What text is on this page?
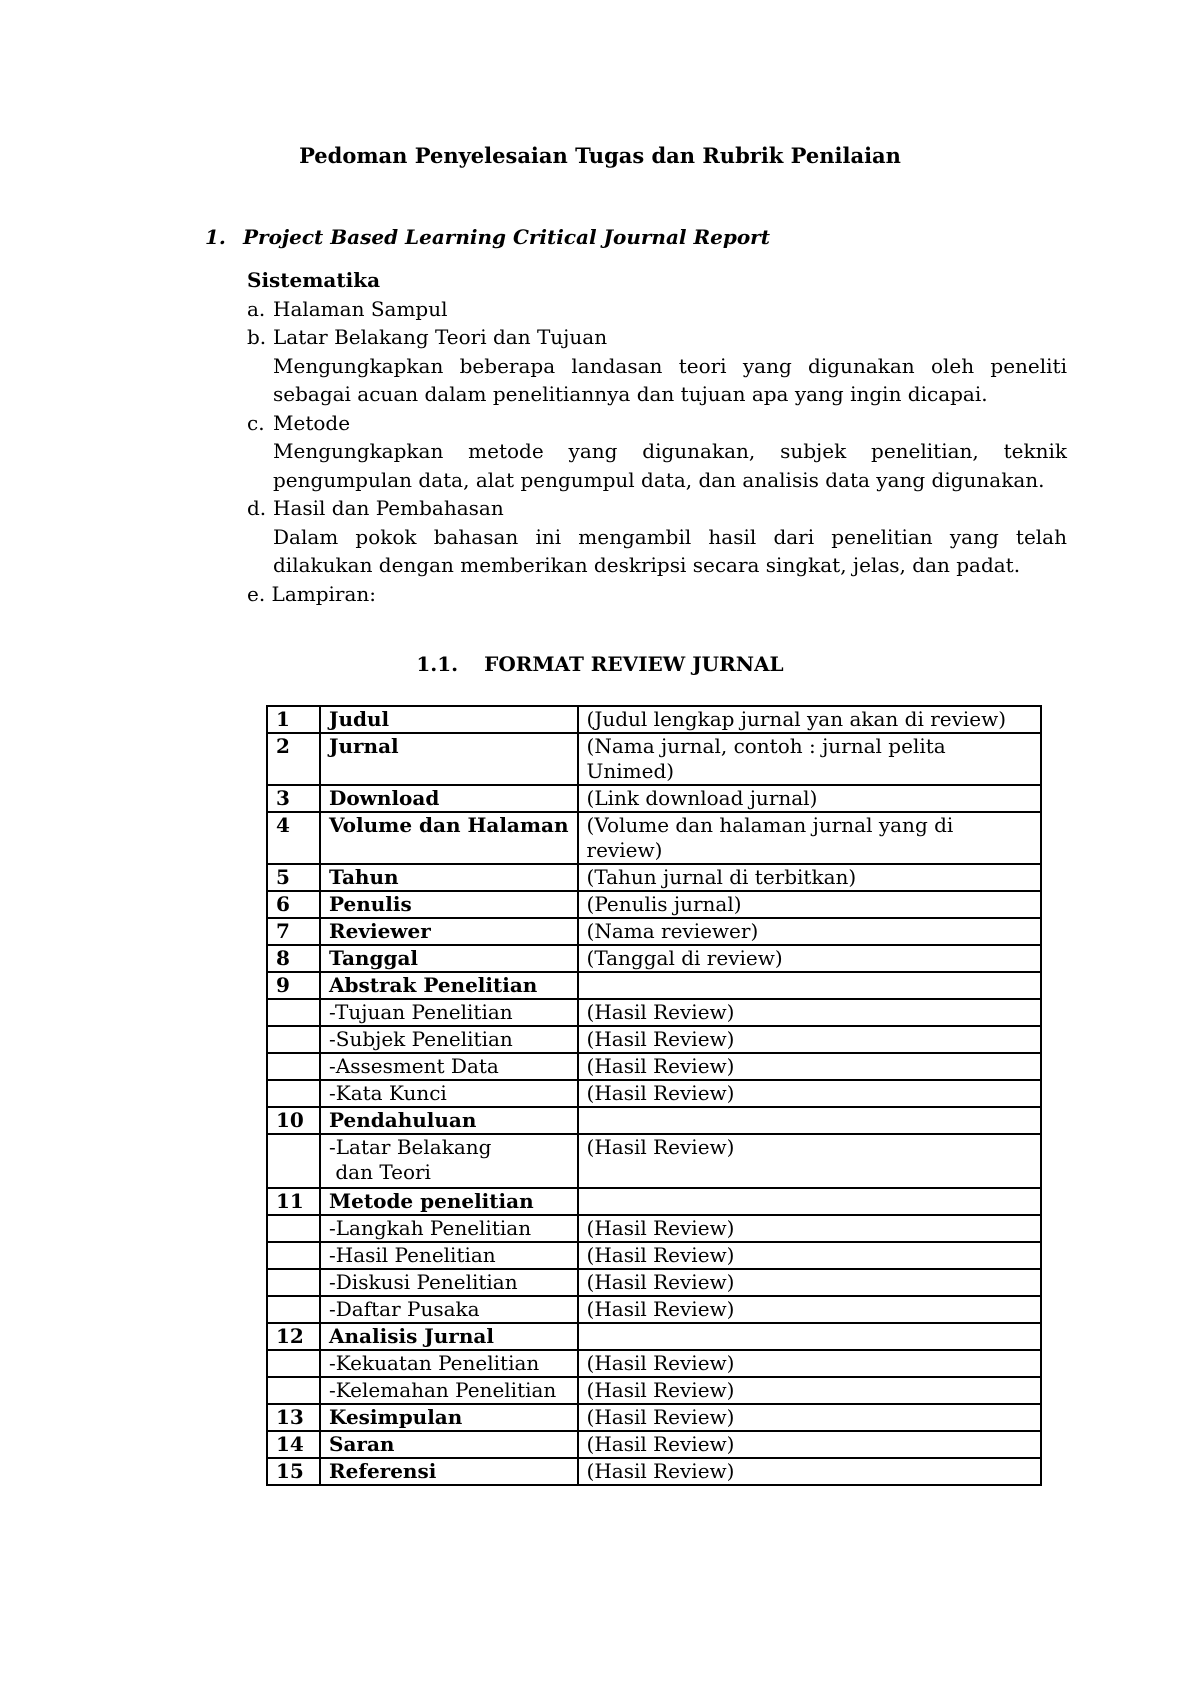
Pedoman Penyelesaian Tugas dan Rubrik Penilaian
1. Project Based Learning Critical Journal Report
Sistematika
a. Halaman Sampul
b. Latar Belakang Teori dan Tujuan
Mengungkapkan beberapa landasan teori yang digunakan oleh peneliti sebagai acuan dalam penelitiannya dan tujuan apa yang ingin dicapai.
c. Metode
Mengungkapkan metode yang digunakan, subjek penelitian, teknik pengumpulan data, alat pengumpul data, dan analisis data yang digunakan.
d. Hasil dan Pembahasan
Dalam pokok bahasan ini mengambil hasil dari penelitian yang telah dilakukan dengan memberikan deskripsi secara singkat, jelas, dan padat.
e. Lampiran:
1.1. FORMAT REVIEW JURNAL
1	Judul	(Judul lengkap jurnal yan akan di review)
2	Jurnal	(Nama jurnal, contoh : jurnal pelita Unimed)
3	Download	(Link download jurnal)
4	Volume dan Halaman	(Volume dan halaman jurnal yang di review)
5	Tahun	(Tahun jurnal di terbitkan)
6	Penulis	(Penulis jurnal)
7	Reviewer	(Nama reviewer)
8	Tanggal	(Tanggal di review)
9	Abstrak Penelitian	
	-Tujuan Penelitian	(Hasil Review)
	-Subjek Penelitian	(Hasil Review)
	-Assesment Data	(Hasil Review)
	-Kata Kunci	(Hasil Review)
10	Pendahuluan	
	-Latar Belakang
dan Teori	(Hasil Review)
11	Metode penelitian	
	-Langkah Penelitian	(Hasil Review)
	-Hasil Penelitian	(Hasil Review)
	-Diskusi Penelitian	(Hasil Review)
	-Daftar Pusaka	(Hasil Review)
12	Analisis Jurnal	
	-Kekuatan Penelitian	(Hasil Review)
	-Kelemahan Penelitian	(Hasil Review)
13	Kesimpulan	(Hasil Review)
14	Saran	(Hasil Review)
15	Referensi	(Hasil Review)
